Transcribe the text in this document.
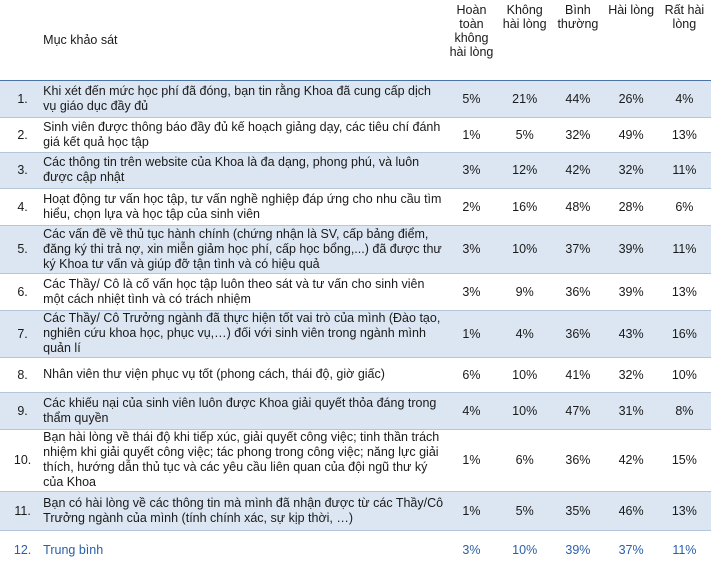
	Mục khảo sát	Hoàn toàn không hài lòng	Không hài lòng	Bình thường	Hài lòng	Rất hài lòng
1.	Khi xét đến mức học phí đã đóng, bạn tin rằng Khoa đã cung cấp dịch vụ giáo dục đầy đủ	5%	21%	44%	26%	4%
2.	Sinh viên được thông báo đầy đủ kế hoạch giảng dạy, các tiêu chí đánh giá kết quả học tập	1%	5%	32%	49%	13%
3.	Các thông tin trên website của Khoa là đa dạng, phong phú, và luôn được cập nhật	3%	12%	42%	32%	11%
4.	Hoạt động tư vấn học tập, tư vấn nghề nghiệp đáp ứng cho nhu cầu tìm hiểu, chọn lựa và học tập của sinh viên	2%	16%	48%	28%	6%
5.	Các vấn đề về thủ tục hành chính (chứng nhận là SV, cấp bảng điểm, đăng ký thi trả nợ, xin miễn giảm học phí, cấp học bổng,...) đã được thư ký Khoa tư vấn và giúp đỡ tận tình và có hiệu quả	3%	10%	37%	39%	11%
6.	Các Thầy/ Cô là cố vấn học tập luôn theo sát và tư vấn cho sinh viên một cách nhiệt tình và có trách nhiệm	3%	9%	36%	39%	13%
7.	Các Thầy/ Cô Trưởng ngành đã thực hiện tốt vai trò của mình (Đào tạo, nghiên cứu khoa học, phục vụ,…) đối với sinh viên trong ngành mình quản lí	1%	4%	36%	43%	16%
8.	Nhân viên thư viện phục vụ tốt (phong cách, thái độ, giờ giấc)	6%	10%	41%	32%	10%
9.	Các khiếu nại của sinh viên luôn được Khoa giải quyết thỏa đáng trong thẩm quyền	4%	10%	47%	31%	8%
10.	Bạn hài lòng về thái độ khi tiếp xúc, giải quyết công việc; tinh thần trách nhiệm khi giải quyết công việc; tác phong trong công việc; năng lực giải thích, hướng dẫn thủ tục và các yêu cầu liên quan của đội ngũ thư ký của Khoa	1%	6%	36%	42%	15%
11.	Bạn có hài lòng về các thông tin mà mình đã nhận được từ các Thầy/Cô Trưởng ngành của mình (tính chính xác, sự kịp thời, …)	1%	5%	35%	46%	13%
12.	Trung bình	3%	10%	39%	37%	11%
